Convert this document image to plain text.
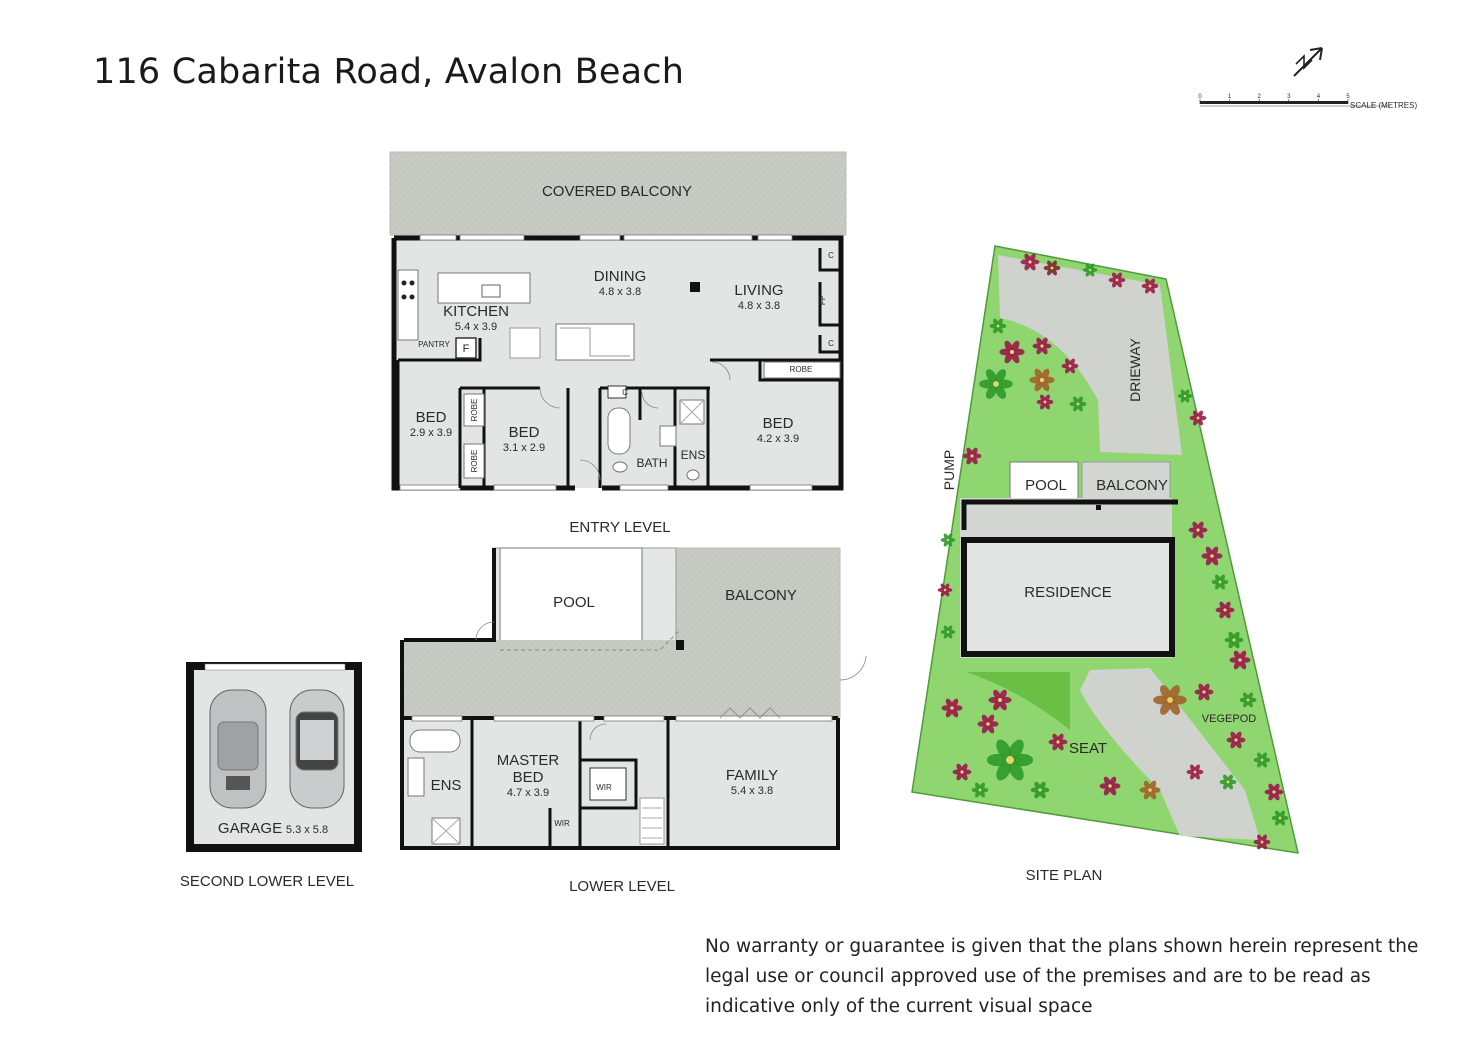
116 Cabarita Road, Avalon Beach
0	1	2	3	4	5
SCALE (METRES)
COVERED BALCONY
KITCHEN
5.4 x 3.9
DINING
4.8 x 3.8	LIVING
4.8 x 3.8
PANTRY F
FP
C
C
C
BED
2.9 x 3.9	BED
3.1 x 2.9
BED
4.2 x 3.9
ROBE
ROBE
ROBE
BATH
ENS
ENTRY LEVEL
POOL	BALCONY
ENS
MASTER
BED
4.7 x 3.9	WIR
WIR
FAMILY
5.4 x 3.8
LOWER LEVEL
GARAGE 5.3 x 5.8
SECOND LOWER LEVEL
DRIEWAY
PUMP	POOL BALCONY
RESIDENCE
SEAT
VEGEPOD
SITE PLAN
No warranty or guarantee is given that the plans shown herein represent the legal use or council approved use of the premises and are to be read as indicative only of the current visual space
